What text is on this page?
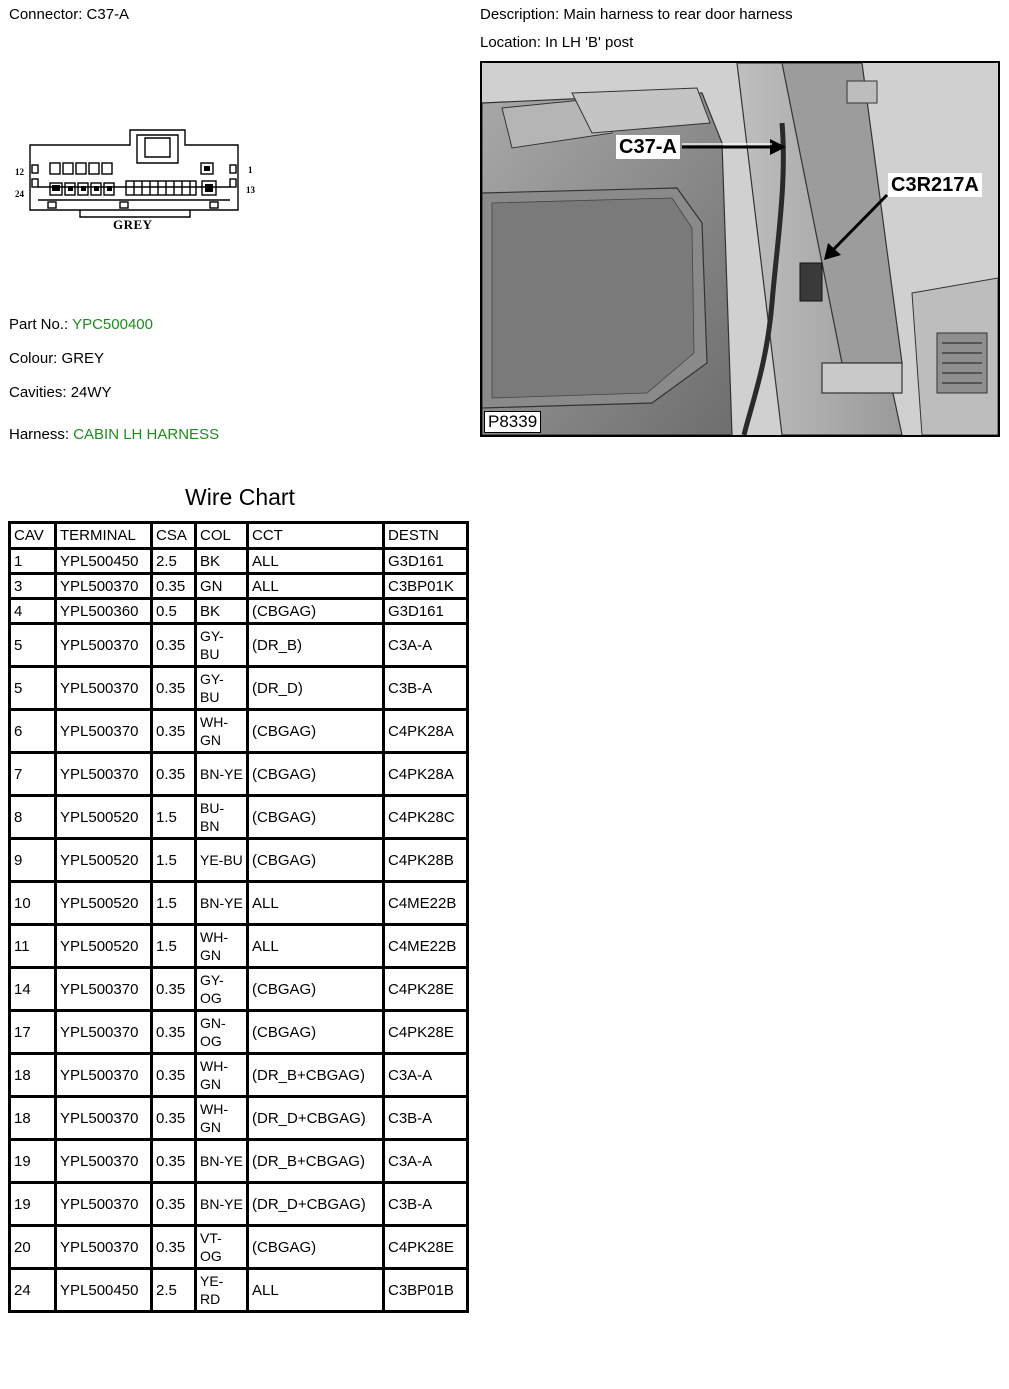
Connector: C37-A	Description: Main harness to rear door harness
Location: In LH 'B' post
1
12
24	13
GREY
C37-A
C3R217A
P8339
Part No.: YPC500400
Colour: GREY
Cavities: 24WY
Harness: CABIN LH HARNESS
Wire Chart
CAV	TERMINAL	CSA	COL	CCT	DESTN
1	YPL500450	2.5	BK	ALL	G3D161
3	YPL500370	0.35	GN	ALL	C3BP01K
4	YPL500360	0.5	BK	(CBGAG)	G3D161
5	YPL500370	0.35	GY-BU	(DR_B)	C3A-A
5	YPL500370	0.35	GY-BU	(DR_D)	C3B-A
6	YPL500370	0.35	WH-GN	(CBGAG)	C4PK28A
7	YPL500370	0.35	BN-YE	(CBGAG)	C4PK28A
8	YPL500520	1.5	BU-BN	(CBGAG)	C4PK28C
9	YPL500520	1.5	YE-BU	(CBGAG)	C4PK28B
10	YPL500520	1.5	BN-YE	ALL	C4ME22B
11	YPL500520	1.5	WH-GN	ALL	C4ME22B
14	YPL500370	0.35	GY-OG	(CBGAG)	C4PK28E
17	YPL500370	0.35	GN-OG	(CBGAG)	C4PK28E
18	YPL500370	0.35	WH-GN	(DR_B+CBGAG)	C3A-A
18	YPL500370	0.35	WH-GN	(DR_D+CBGAG)	C3B-A
19	YPL500370	0.35	BN-YE	(DR_B+CBGAG)	C3A-A
19	YPL500370	0.35	BN-YE	(DR_D+CBGAG)	C3B-A
20	YPL500370	0.35	VT-OG	(CBGAG)	C4PK28E
24	YPL500450	2.5	YE-RD	ALL	C3BP01B
